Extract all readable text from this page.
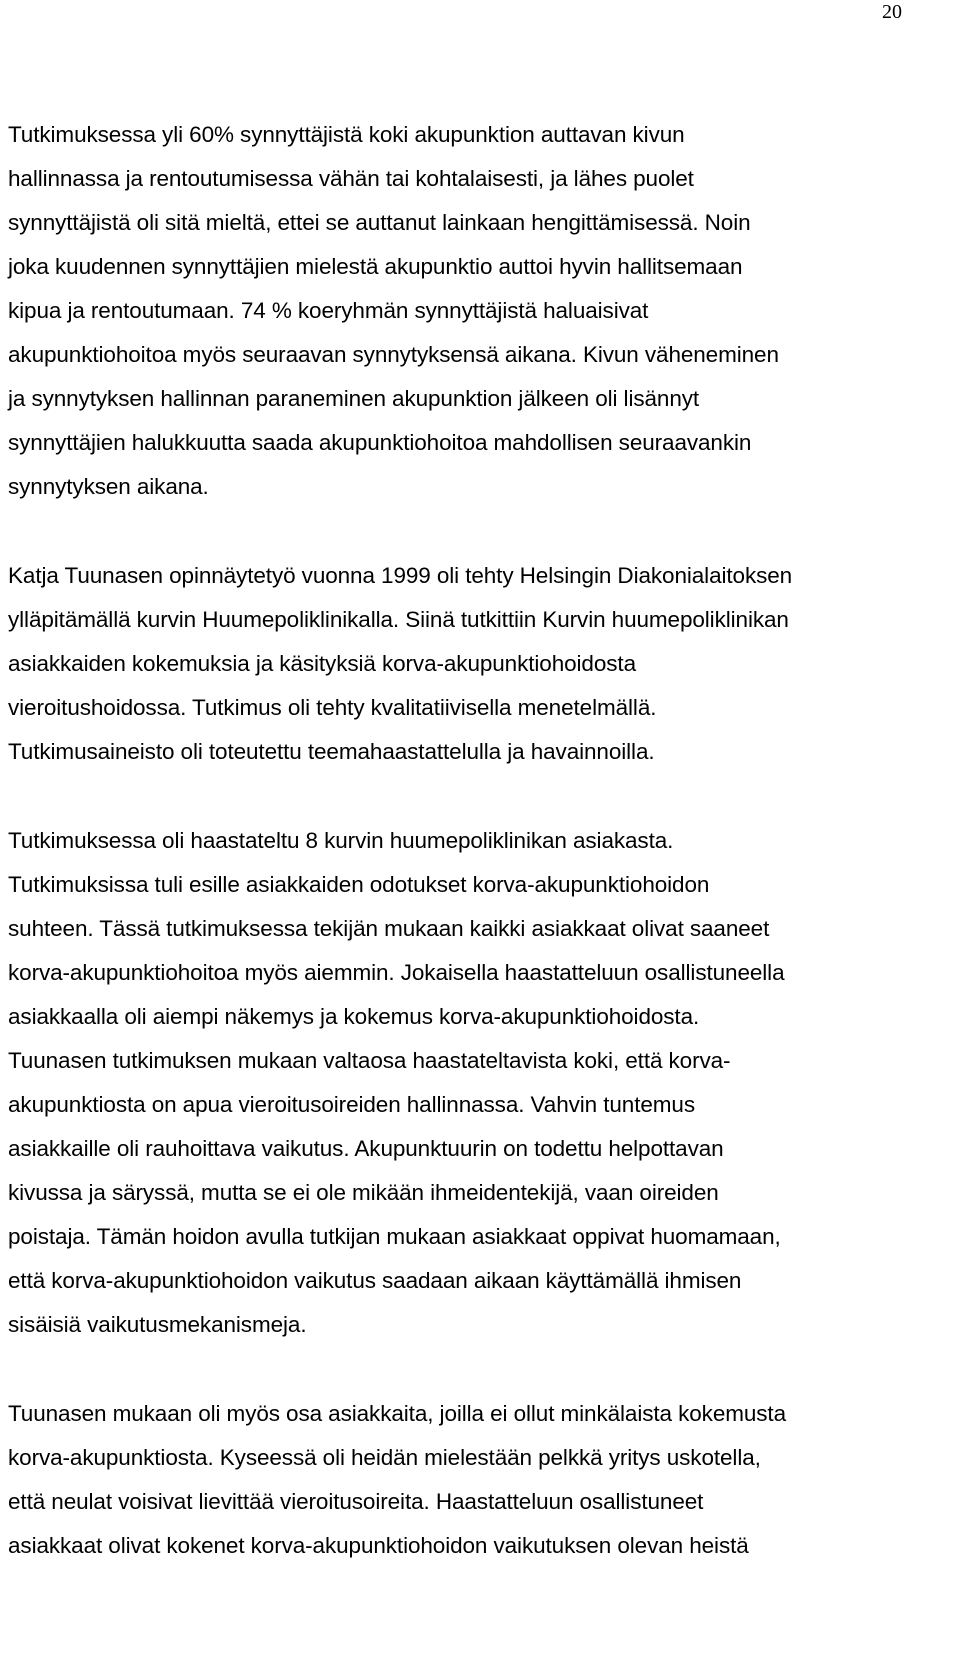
20
Tutkimuksessa yli 60% synnyttäjistä koki akupunktion auttavan kivun
hallinnassa ja rentoutumisessa vähän tai kohtalaisesti, ja lähes puolet
synnyttäjistä oli sitä mieltä, ettei se auttanut lainkaan hengittämisessä. Noin
joka kuudennen synnyttäjien mielestä akupunktio auttoi hyvin hallitsemaan
kipua ja rentoutumaan. 74 % koeryhmän synnyttäjistä haluaisivat
akupunktiohoitoa myös seuraavan synnytyksensä aikana. Kivun väheneminen
ja synnytyksen hallinnan paraneminen akupunktion jälkeen oli lisännyt
synnyttäjien halukkuutta saada akupunktiohoitoa mahdollisen seuraavankin
synnytyksen aikana.
Katja Tuunasen opinnäytetyö vuonna 1999 oli tehty Helsingin Diakonialaitoksen
ylläpitämällä kurvin Huumepoliklinikalla. Siinä tutkittiin Kurvin huumepoliklinikan
asiakkaiden kokemuksia ja käsityksiä korva-akupunktiohoidosta
vieroitushoidossa. Tutkimus oli tehty kvalitatiivisella menetelmällä.
Tutkimusaineisto oli toteutettu teemahaastattelulla ja havainnoilla.
Tutkimuksessa oli haastateltu 8 kurvin huumepoliklinikan asiakasta.
Tutkimuksissa tuli esille asiakkaiden odotukset korva-akupunktiohoidon
suhteen. Tässä tutkimuksessa tekijän mukaan kaikki asiakkaat olivat saaneet
korva-akupunktiohoitoa myös aiemmin. Jokaisella haastatteluun osallistuneella
asiakkaalla oli aiempi näkemys ja kokemus korva-akupunktiohoidosta.
Tuunasen tutkimuksen mukaan valtaosa haastateltavista koki, että korva-
akupunktiosta on apua vieroitusoireiden hallinnassa. Vahvin tuntemus
asiakkaille oli rauhoittava vaikutus. Akupunktuurin on todettu helpottavan
kivussa ja säryssä, mutta se ei ole mikään ihmeidentekijä, vaan oireiden
poistaja. Tämän hoidon avulla tutkijan mukaan asiakkaat oppivat huomamaan,
että korva-akupunktiohoidon vaikutus saadaan aikaan käyttämällä ihmisen
sisäisiä vaikutusmekanismeja.
Tuunasen mukaan oli myös osa asiakkaita, joilla ei ollut minkälaista kokemusta
korva-akupunktiosta. Kyseessä oli heidän mielestään pelkkä yritys uskotella,
että neulat voisivat lievittää vieroitusoireita. Haastatteluun osallistuneet
asiakkaat olivat kokenet korva-akupunktiohoidon vaikutuksen olevan heistä
